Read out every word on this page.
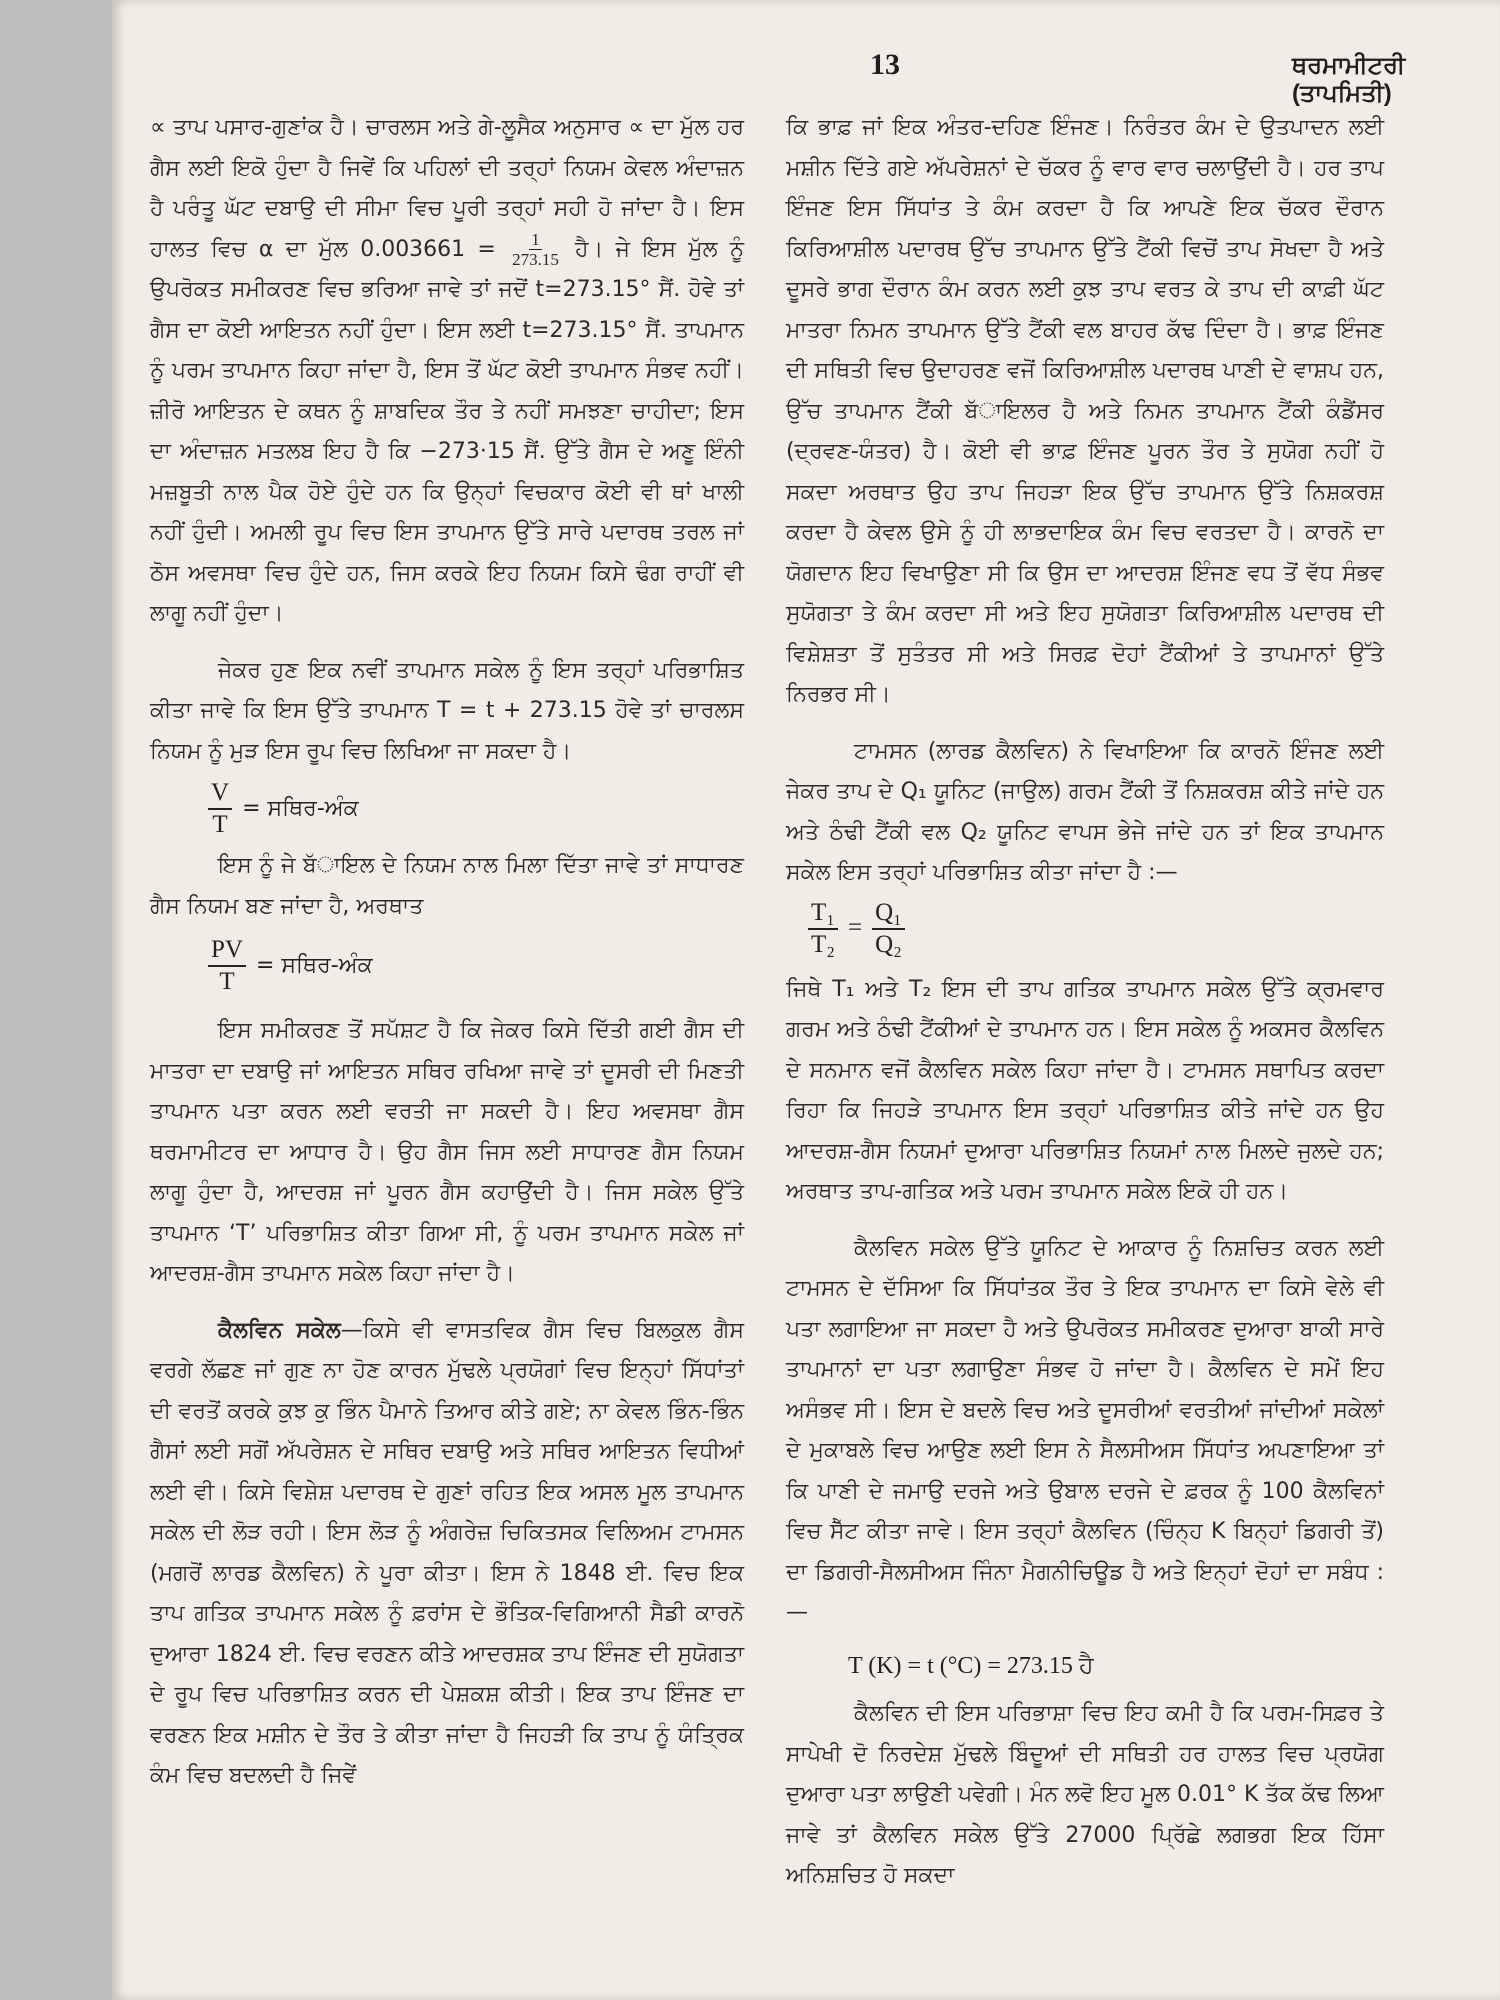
13	ਥਰਮਾਮੀਟਰੀ (ਤਾਪਮਿਤੀ)

∝ ਤਾਪ ਪਸਾਰ-ਗੁਣਾਂਕ ਹੈ। ਚਾਰਲਸ ਅਤੇ ਗੇ-ਲੂਸੈਕ ਅਨੁਸਾਰ ∝ ਦਾ ਮੁੱਲ ਹਰ ਗੈਸ ਲਈ ਇਕੋ ਹੁੰਦਾ ਹੈ ਜਿਵੇਂ ਕਿ ਪਹਿਲਾਂ ਦੀ ਤਰ੍ਹਾਂ ਨਿਯਮ ਕੇਵਲ ਅੰਦਾਜ਼ਨ ਹੈ ਪਰੰਤੂ ਘੱਟ ਦਬਾਉ ਦੀ ਸੀਮਾ ਵਿਚ ਪੂਰੀ ਤਰ੍ਹਾਂ ਸਹੀ ਹੋ ਜਾਂਦਾ ਹੈ। ਇਸ ਹਾਲਤ ਵਿਚ α ਦਾ ਮੁੱਲ $0.003661 = \frac{1}{273.15}$ ਹੈ। ਜੇ ਇਸ ਮੁੱਲ ਨੂੰ ਉਪਰੋਕਤ ਸਮੀਕਰਣ ਵਿਚ ਭਰਿਆ ਜਾਵੇ ਤਾਂ ਜਦੋਂ t=273.15° ਸੈਂ. ਹੋਵੇ ਤਾਂ ਗੈਸ ਦਾ ਕੋਈ ਆਇਤਨ ਨਹੀਂ ਹੁੰਦਾ। ਇਸ ਲਈ t=273.15° ਸੈਂ. ਤਾਪਮਾਨ ਨੂੰ ਪਰਮ ਤਾਪਮਾਨ ਕਿਹਾ ਜਾਂਦਾ ਹੈ, ਇਸ ਤੋਂ ਘੱਟ ਕੋਈ ਤਾਪਮਾਨ ਸੰਭਵ ਨਹੀਂ। ਜ਼ੀਰੋ ਆਇਤਨ ਦੇ ਕਥਨ ਨੂੰ ਸ਼ਾਬਦਿਕ ਤੌਰ ਤੇ ਨਹੀਂ ਸਮਝਣਾ ਚਾਹੀਦਾ; ਇਸ ਦਾ ਅੰਦਾਜ਼ਨ ਮਤਲਬ ਇਹ ਹੈ ਕਿ −273·15 ਸੈਂ. ਉੱਤੇ ਗੈਸ ਦੇ ਅਣੂ ਇੰਨੀ ਮਜ਼ਬੂਤੀ ਨਾਲ ਪੈਕ ਹੋਏ ਹੁੰਦੇ ਹਨ ਕਿ ਉਨ੍ਹਾਂ ਵਿਚਕਾਰ ਕੋਈ ਵੀ ਥਾਂ ਖਾਲੀ ਨਹੀਂ ਹੁੰਦੀ। ਅਮਲੀ ਰੂਪ ਵਿਚ ਇਸ ਤਾਪਮਾਨ ਉੱਤੇ ਸਾਰੇ ਪਦਾਰਥ ਤਰਲ ਜਾਂ ਠੋਸ ਅਵਸਥਾ ਵਿਚ ਹੁੰਦੇ ਹਨ, ਜਿਸ ਕਰਕੇ ਇਹ ਨਿਯਮ ਕਿਸੇ ਢੰਗ ਰਾਹੀਂ ਵੀ ਲਾਗੂ ਨਹੀਂ ਹੁੰਦਾ।

ਜੇਕਰ ਹੁਣ ਇਕ ਨਵੀਂ ਤਾਪਮਾਨ ਸਕੇਲ ਨੂੰ ਇਸ ਤਰ੍ਹਾਂ ਪਰਿਭਾਸ਼ਿਤ ਕੀਤਾ ਜਾਵੇ ਕਿ ਇਸ ਉੱਤੇ ਤਾਪਮਾਨ T = t + 273.15 ਹੋਵੇ ਤਾਂ ਚਾਰਲਸ ਨਿਯਮ ਨੂੰ ਮੁੜ ਇਸ ਰੂਪ ਵਿਚ ਲਿਖਿਆ ਜਾ ਸਕਦਾ ਹੈ।

$\frac{V}{T}$ = ਸਥਿਰ-ਅੰਕ

ਇਸ ਨੂੰ ਜੇ ਬੱਾਇਲ ਦੇ ਨਿਯਮ ਨਾਲ ਮਿਲਾ ਦਿੱਤਾ ਜਾਵੇ ਤਾਂ ਸਾਧਾਰਣ ਗੈਸ ਨਿਯਮ ਬਣ ਜਾਂਦਾ ਹੈ, ਅਰਥਾਤ

$\frac{PV}{T}$ = ਸਥਿਰ-ਅੰਕ

ਇਸ ਸਮੀਕਰਣ ਤੋਂ ਸਪੱਸ਼ਟ ਹੈ ਕਿ ਜੇਕਰ ਕਿਸੇ ਦਿੱਤੀ ਗਈ ਗੈਸ ਦੀ ਮਾਤਰਾ ਦਾ ਦਬਾਉ ਜਾਂ ਆਇਤਨ ਸਥਿਰ ਰਖਿਆ ਜਾਵੇ ਤਾਂ ਦੂਸਰੀ ਦੀ ਮਿਣਤੀ ਤਾਪਮਾਨ ਪਤਾ ਕਰਨ ਲਈ ਵਰਤੀ ਜਾ ਸਕਦੀ ਹੈ। ਇਹ ਅਵਸਥਾ ਗੈਸ ਥਰਮਾਮੀਟਰ ਦਾ ਆਧਾਰ ਹੈ। ਉਹ ਗੈਸ ਜਿਸ ਲਈ ਸਾਧਾਰਣ ਗੈਸ ਨਿਯਮ ਲਾਗੂ ਹੁੰਦਾ ਹੈ, ਆਦਰਸ਼ ਜਾਂ ਪੂਰਨ ਗੈਸ ਕਹਾਉਂਦੀ ਹੈ। ਜਿਸ ਸਕੇਲ ਉੱਤੇ ਤਾਪਮਾਨ ‘T’ ਪਰਿਭਾਸ਼ਿਤ ਕੀਤਾ ਗਿਆ ਸੀ, ਨੂੰ ਪਰਮ ਤਾਪਮਾਨ ਸਕੇਲ ਜਾਂ ਆਦਰਸ਼-ਗੈਸ ਤਾਪਮਾਨ ਸਕੇਲ ਕਿਹਾ ਜਾਂਦਾ ਹੈ।

ਕੈਲਵਿਨ ਸਕੇਲ—ਕਿਸੇ ਵੀ ਵਾਸਤਵਿਕ ਗੈਸ ਵਿਚ ਬਿਲਕੁਲ ਗੈਸ ਵਰਗੇ ਲੱਛਣ ਜਾਂ ਗੁਣ ਨਾ ਹੋਣ ਕਾਰਨ ਮੁੱਢਲੇ ਪ੍ਰਯੋਗਾਂ ਵਿਚ ਇਨ੍ਹਾਂ ਸਿੱਧਾਂਤਾਂ ਦੀ ਵਰਤੋਂ ਕਰਕੇ ਕੁਝ ਕੁ ਭਿੰਨ ਪੈਮਾਨੇ ਤਿਆਰ ਕੀਤੇ ਗਏ; ਨਾ ਕੇਵਲ ਭਿੰਨ-ਭਿੰਨ ਗੈਸਾਂ ਲਈ ਸਗੋਂ ਅੱਪਰੇਸ਼ਨ ਦੇ ਸਥਿਰ ਦਬਾਉ ਅਤੇ ਸਥਿਰ ਆਇਤਨ ਵਿਧੀਆਂ ਲਈ ਵੀ। ਕਿਸੇ ਵਿਸ਼ੇਸ਼ ਪਦਾਰਥ ਦੇ ਗੁਣਾਂ ਰਹਿਤ ਇਕ ਅਸਲ ਮੂਲ ਤਾਪਮਾਨ ਸਕੇਲ ਦੀ ਲੋੜ ਰਹੀ। ਇਸ ਲੋੜ ਨੂੰ ਅੰਗਰੇਜ਼ ਚਿਕਿਤਸਕ ਵਿਲਿਅਮ ਟਾਮਸਨ (ਮਗਰੋਂ ਲਾਰਡ ਕੈਲਵਿਨ) ਨੇ ਪੂਰਾ ਕੀਤਾ। ਇਸ ਨੇ 1848 ਈ. ਵਿਚ ਇਕ ਤਾਪ ਗਤਿਕ ਤਾਪਮਾਨ ਸਕੇਲ ਨੂੰ ਫ਼ਰਾਂਸ ਦੇ ਭੌਤਿਕ-ਵਿਗਿਆਨੀ ਸੈਡੀ ਕਾਰਨੋ ਦੁਆਰਾ 1824 ਈ. ਵਿਚ ਵਰਣਨ ਕੀਤੇ ਆਦਰਸ਼ਕ ਤਾਪ ਇੰਜਣ ਦੀ ਸੁਯੋਗਤਾ ਦੇ ਰੂਪ ਵਿਚ ਪਰਿਭਾਸ਼ਿਤ ਕਰਨ ਦੀ ਪੇਸ਼ਕਸ਼ ਕੀਤੀ। ਇਕ ਤਾਪ ਇੰਜਣ ਦਾ ਵਰਣਨ ਇਕ ਮਸ਼ੀਨ ਦੇ ਤੌਰ ਤੇ ਕੀਤਾ ਜਾਂਦਾ ਹੈ ਜਿਹੜੀ ਕਿ ਤਾਪ ਨੂੰ ਯੰਤ੍ਰਿਕ ਕੰਮ ਵਿਚ ਬਦਲਦੀ ਹੈ ਜਿਵੇਂ

ਕਿ ਭਾਫ਼ ਜਾਂ ਇਕ ਅੰਤਰ-ਦਹਿਣ ਇੰਜਣ। ਨਿਰੰਤਰ ਕੰਮ ਦੇ ਉਤਪਾਦਨ ਲਈ ਮਸ਼ੀਨ ਦਿੱਤੇ ਗਏ ਅੱਪਰੇਸ਼ਨਾਂ ਦੇ ਚੱਕਰ ਨੂੰ ਵਾਰ ਵਾਰ ਚਲਾਉਂਦੀ ਹੈ। ਹਰ ਤਾਪ ਇੰਜਣ ਇਸ ਸਿੱਧਾਂਤ ਤੇ ਕੰਮ ਕਰਦਾ ਹੈ ਕਿ ਆਪਣੇ ਇਕ ਚੱਕਰ ਦੌਰਾਨ ਕਿਰਿਆਸ਼ੀਲ ਪਦਾਰਥ ਉੱਚ ਤਾਪਮਾਨ ਉੱਤੇ ਟੈਂਕੀ ਵਿਚੋਂ ਤਾਪ ਸੋਖਦਾ ਹੈ ਅਤੇ ਦੂਸਰੇ ਭਾਗ ਦੌਰਾਨ ਕੰਮ ਕਰਨ ਲਈ ਕੁਝ ਤਾਪ ਵਰਤ ਕੇ ਤਾਪ ਦੀ ਕਾਫ਼ੀ ਘੱਟ ਮਾਤਰਾ ਨਿਮਨ ਤਾਪਮਾਨ ਉੱਤੇ ਟੈਂਕੀ ਵਲ ਬਾਹਰ ਕੱਢ ਦਿੰਦਾ ਹੈ। ਭਾਫ਼ ਇੰਜਣ ਦੀ ਸਥਿਤੀ ਵਿਚ ਉਦਾਹਰਣ ਵਜੋਂ ਕਿਰਿਆਸ਼ੀਲ ਪਦਾਰਥ ਪਾਣੀ ਦੇ ਵਾਸ਼ਪ ਹਨ, ਉੱਚ ਤਾਪਮਾਨ ਟੈਂਕੀ ਬੱਾਇਲਰ ਹੈ ਅਤੇ ਨਿਮਨ ਤਾਪਮਾਨ ਟੈਂਕੀ ਕੰਡੈਂਸਰ (ਦ੍ਰਵਣ-ਯੰਤਰ) ਹੈ। ਕੋਈ ਵੀ ਭਾਫ਼ ਇੰਜਣ ਪੂਰਨ ਤੌਰ ਤੇ ਸੁਯੋਗ ਨਹੀਂ ਹੋ ਸਕਦਾ ਅਰਥਾਤ ਉਹ ਤਾਪ ਜਿਹੜਾ ਇਕ ਉੱਚ ਤਾਪਮਾਨ ਉੱਤੇ ਨਿਸ਼ਕਰਸ਼ ਕਰਦਾ ਹੈ ਕੇਵਲ ਉਸੇ ਨੂੰ ਹੀ ਲਾਭਦਾਇਕ ਕੰਮ ਵਿਚ ਵਰਤਦਾ ਹੈ। ਕਾਰਨੋ ਦਾ ਯੋਗਦਾਨ ਇਹ ਵਿਖਾਉਣਾ ਸੀ ਕਿ ਉਸ ਦਾ ਆਦਰਸ਼ ਇੰਜਣ ਵਧ ਤੋਂ ਵੱਧ ਸੰਭਵ ਸੁਯੋਗਤਾ ਤੇ ਕੰਮ ਕਰਦਾ ਸੀ ਅਤੇ ਇਹ ਸੁਯੋਗਤਾ ਕਿਰਿਆਸ਼ੀਲ ਪਦਾਰਥ ਦੀ ਵਿਸ਼ੇਸ਼ਤਾ ਤੋਂ ਸੁਤੰਤਰ ਸੀ ਅਤੇ ਸਿਰਫ਼ ਦੋਹਾਂ ਟੈਂਕੀਆਂ ਤੇ ਤਾਪਮਾਨਾਂ ਉੱਤੇ ਨਿਰਭਰ ਸੀ।

ਟਾਮਸਨ (ਲਾਰਡ ਕੈਲਵਿਨ) ਨੇ ਵਿਖਾਇਆ ਕਿ ਕਾਰਨੋ ਇੰਜਣ ਲਈ ਜੇਕਰ ਤਾਪ ਦੇ Q₁ ਯੂਨਿਟ (ਜਾਉਲ) ਗਰਮ ਟੈਂਕੀ ਤੋਂ ਨਿਸ਼ਕਰਸ਼ ਕੀਤੇ ਜਾਂਦੇ ਹਨ ਅਤੇ ਠੰਢੀ ਟੈਂਕੀ ਵਲ Q₂ ਯੂਨਿਟ ਵਾਪਸ ਭੇਜੇ ਜਾਂਦੇ ਹਨ ਤਾਂ ਇਕ ਤਾਪਮਾਨ ਸਕੇਲ ਇਸ ਤਰ੍ਹਾਂ ਪਰਿਭਾਸ਼ਿਤ ਕੀਤਾ ਜਾਂਦਾ ਹੈ :—

$\frac{\text{T₁}}{\text{T₂}} = \frac{\text{Q₁}}{\text{Q₂}}$

ਜਿਥੇ T₁ ਅਤੇ T₂ ਇਸ ਦੀ ਤਾਪ ਗਤਿਕ ਤਾਪਮਾਨ ਸਕੇਲ ਉੱਤੇ ਕ੍ਰਮਵਾਰ ਗਰਮ ਅਤੇ ਠੰਢੀ ਟੈਂਕੀਆਂ ਦੇ ਤਾਪਮਾਨ ਹਨ। ਇਸ ਸਕੇਲ ਨੂੰ ਅਕਸਰ ਕੈਲਵਿਨ ਦੇ ਸਨਮਾਨ ਵਜੋਂ ਕੈਲਵਿਨ ਸਕੇਲ ਕਿਹਾ ਜਾਂਦਾ ਹੈ। ਟਾਮਸਨ ਸਥਾਪਿਤ ਕਰਦਾ ਰਿਹਾ ਕਿ ਜਿਹੜੇ ਤਾਪਮਾਨ ਇਸ ਤਰ੍ਹਾਂ ਪਰਿਭਾਸ਼ਿਤ ਕੀਤੇ ਜਾਂਦੇ ਹਨ ਉਹ ਆਦਰਸ਼-ਗੈਸ ਨਿਯਮਾਂ ਦੁਆਰਾ ਪਰਿਭਾਸ਼ਿਤ ਨਿਯਮਾਂ ਨਾਲ ਮਿਲਦੇ ਜੁਲਦੇ ਹਨ; ਅਰਥਾਤ ਤਾਪ-ਗਤਿਕ ਅਤੇ ਪਰਮ ਤਾਪਮਾਨ ਸਕੇਲ ਇਕੋ ਹੀ ਹਨ।

ਕੈਲਵਿਨ ਸਕੇਲ ਉੱਤੇ ਯੂਨਿਟ ਦੇ ਆਕਾਰ ਨੂੰ ਨਿਸ਼ਚਿਤ ਕਰਨ ਲਈ ਟਾਮਸਨ ਦੇ ਦੱਸਿਆ ਕਿ ਸਿੱਧਾਂਤਕ ਤੌਰ ਤੇ ਇਕ ਤਾਪਮਾਨ ਦਾ ਕਿਸੇ ਵੇਲੇ ਵੀ ਪਤਾ ਲਗਾਇਆ ਜਾ ਸਕਦਾ ਹੈ ਅਤੇ ਉਪਰੋਕਤ ਸਮੀਕਰਣ ਦੁਆਰਾ ਬਾਕੀ ਸਾਰੇ ਤਾਪਮਾਨਾਂ ਦਾ ਪਤਾ ਲਗਾਉਣਾ ਸੰਭਵ ਹੋ ਜਾਂਦਾ ਹੈ। ਕੈਲਵਿਨ ਦੇ ਸਮੇਂ ਇਹ ਅਸੰਭਵ ਸੀ। ਇਸ ਦੇ ਬਦਲੇ ਵਿਚ ਅਤੇ ਦੂਸਰੀਆਂ ਵਰਤੀਆਂ ਜਾਂਦੀਆਂ ਸਕੇਲਾਂ ਦੇ ਮੁਕਾਬਲੇ ਵਿਚ ਆਉਣ ਲਈ ਇਸ ਨੇ ਸੈਲਸੀਅਸ ਸਿੱਧਾਂਤ ਅਪਣਾਇਆ ਤਾਂ ਕਿ ਪਾਣੀ ਦੇ ਜਮਾਉ ਦਰਜੇ ਅਤੇ ਉਬਾਲ ਦਰਜੇ ਦੇ ਫ਼ਰਕ ਨੂੰ 100 ਕੈਲਵਿਨਾਂ ਵਿਚ ਸੈੱਟ ਕੀਤਾ ਜਾਵੇ। ਇਸ ਤਰ੍ਹਾਂ ਕੈਲਵਿਨ (ਚਿੰਨ੍ਹ K ਬਿਨ੍ਹਾਂ ਡਿਗਰੀ ਤੋਂ) ਦਾ ਡਿਗਰੀ-ਸੈਲਸੀਅਸ ਜਿੰਨਾ ਮੈਗਨੀਚਿਊਡ ਹੈ ਅਤੇ ਇਨ੍ਹਾਂ ਦੋਹਾਂ ਦਾ ਸਬੰਧ :—

T (K) = t (°C) = 273.15 ਹੈ

ਕੈਲਵਿਨ ਦੀ ਇਸ ਪਰਿਭਾਸ਼ਾ ਵਿਚ ਇਹ ਕਮੀ ਹੈ ਕਿ ਪਰਮ-ਸਿਫ਼ਰ ਤੇ ਸਾਪੇਖੀ ਦੋ ਨਿਰਦੇਸ਼ ਮੁੱਢਲੇ ਬਿੰਦੂਆਂ ਦੀ ਸਥਿਤੀ ਹਰ ਹਾਲਤ ਵਿਚ ਪ੍ਰਯੋਗ ਦੁਆਰਾ ਪਤਾ ਲਾਉਣੀ ਪਵੇਗੀ। ਮੰਨ ਲਵੋ ਇਹ ਮੂਲ 0.01° K ਤੱਕ ਕੱਢ ਲਿਆ ਜਾਵੇ ਤਾਂ ਕੈਲਵਿਨ ਸਕੇਲ ਉੱਤੇ 27000 ਪ੍ਰਿੱਛੇ ਲਗਭਗ ਇਕ ਹਿੱਸਾ ਅਨਿਸ਼ਚਿਤ ਹੋ ਸਕਦਾ
